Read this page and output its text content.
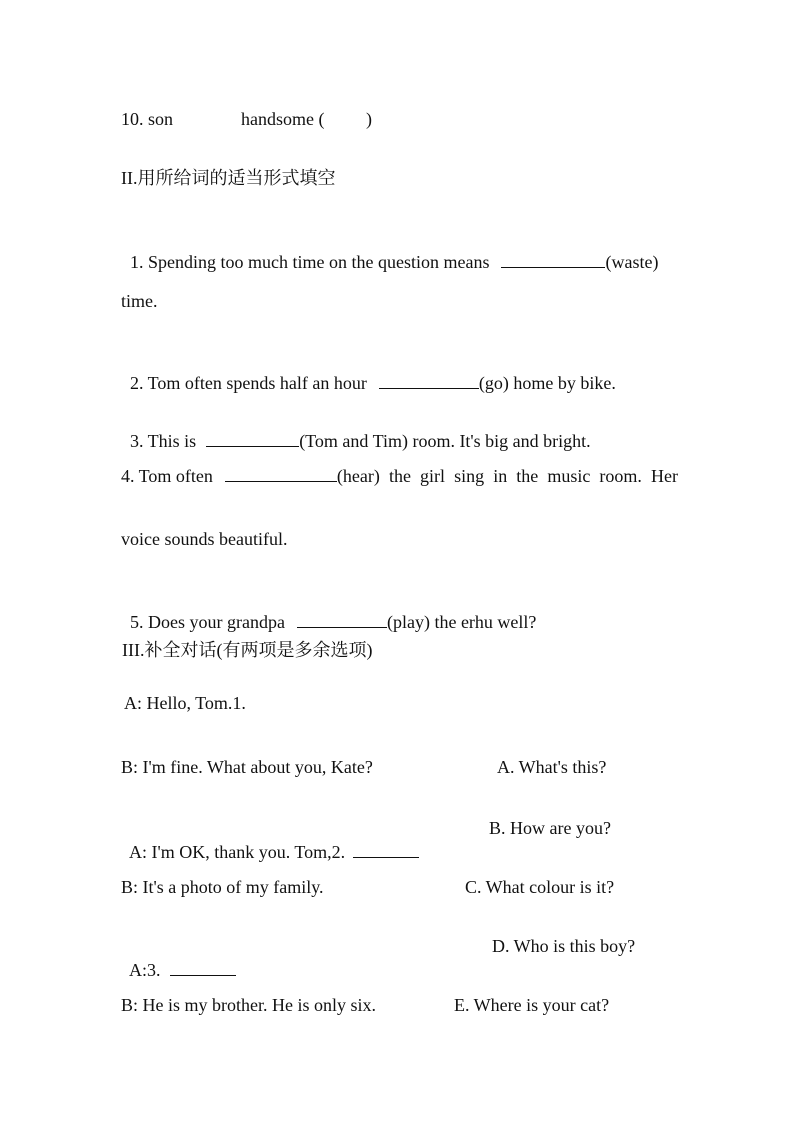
10. son	handsome ( )
II.用所给词的适当形式填空

1. Spending too much time on the question means	(waste)

time.

2. Tom often spends half an hour	(go) home by bike.

3. This is	(Tom and Tim) room. It's big and bright.

4. Tom often	(hear) the girl sing in the music room. Her
voice sounds beautiful.

5. Does your grandpa	(play) the erhu well?

III.补全对话(有两项是多余选项)
A: Hello, Tom.1.
B: I'm fine. What about you, Kate?	A. What's this?

A: I'm OK, thank you. Tom,2.

B. How are you?
B: It's a photo of my family.	C. What colour is it?

A:3.

D. Who is this boy?
B: He is my brother. He is only six.	E. Where is your cat?
